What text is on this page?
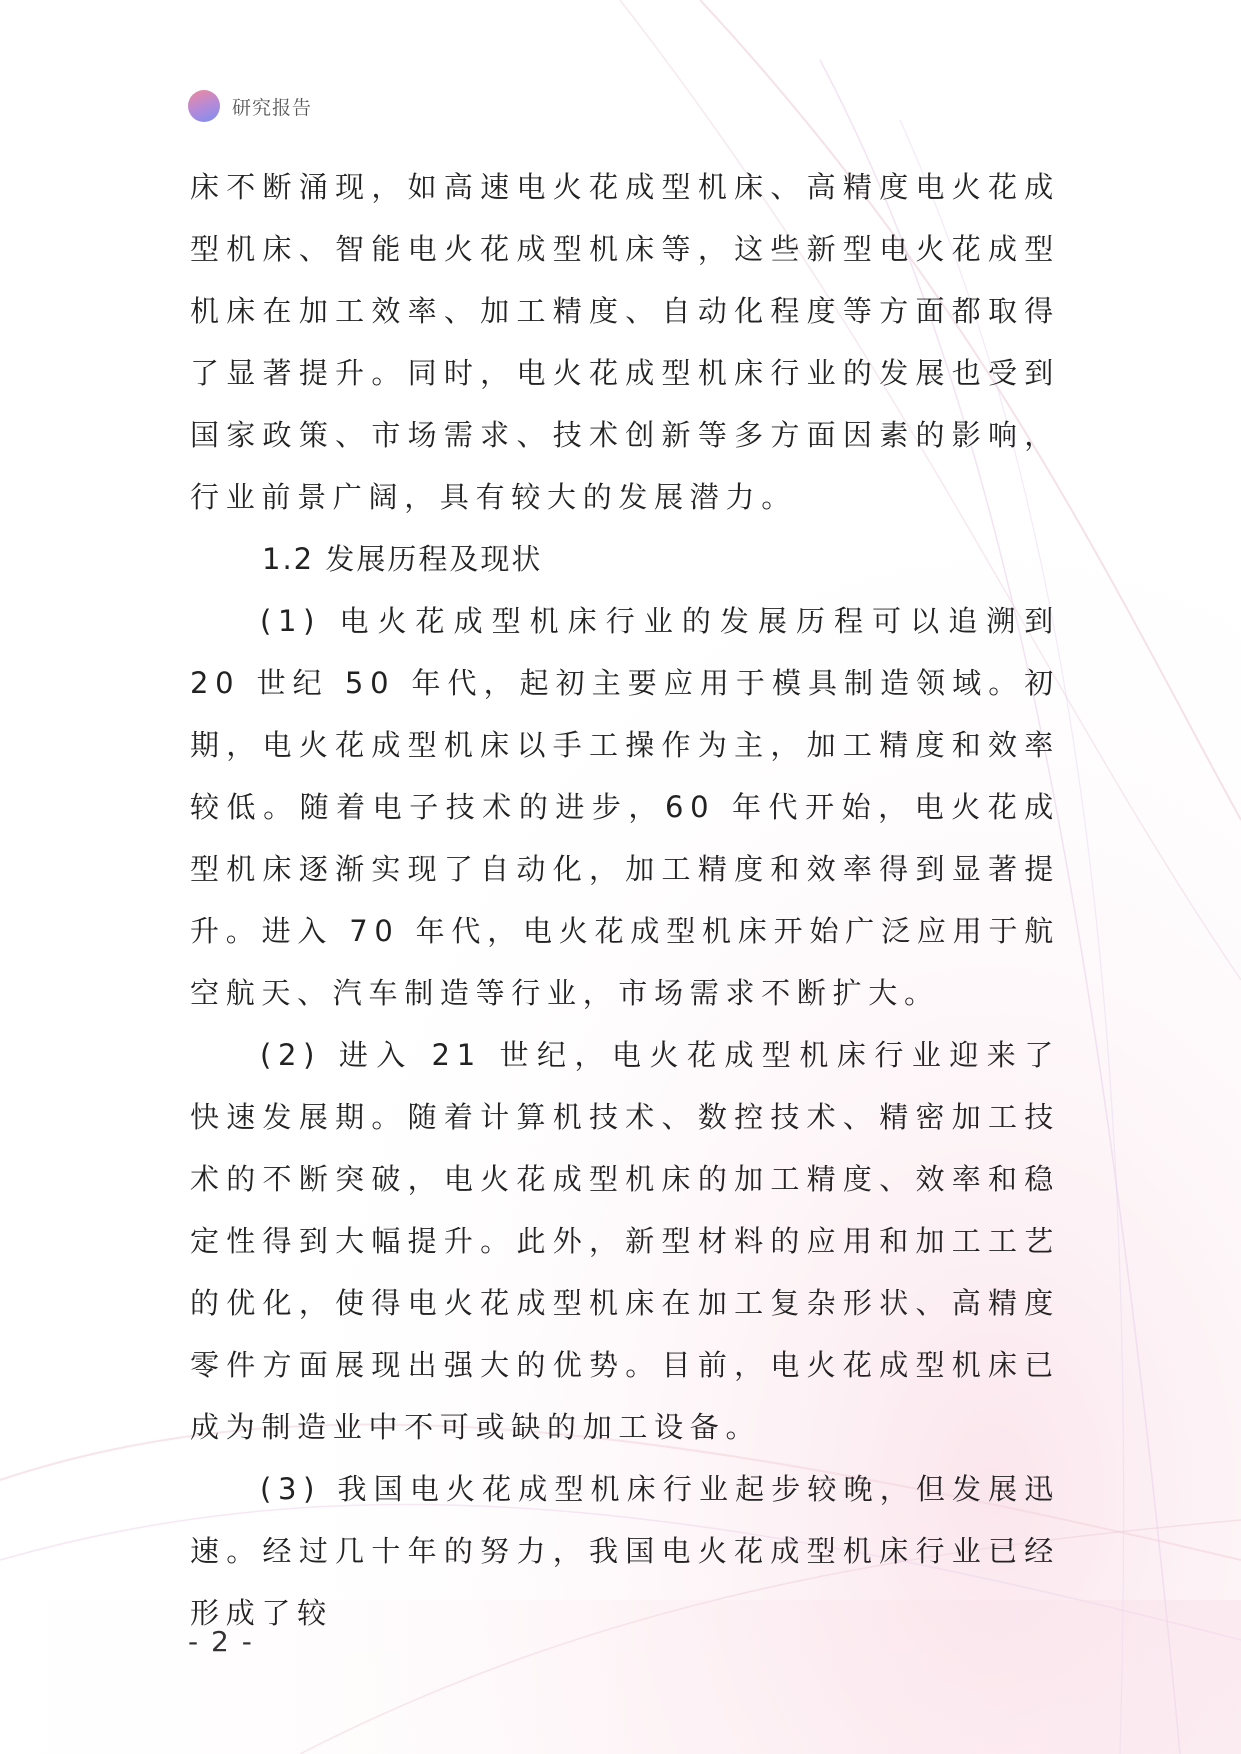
研究报告

床不断涌现，如高速电火花成型机床、高精度电火花成型机床、智能电火花成型机床等，这些新型电火花成型机床在加工效率、加工精度、自动化程度等方面都取得了显著提升。同时，电火花成型机床行业的发展也受到国家政策、市场需求、技术创新等多方面因素的影响，行业前景广阔，具有较大的发展潜力。

1.2 发展历程及现状

(1) 电火花成型机床行业的发展历程可以追溯到 20 世纪 50 年代，起初主要应用于模具制造领域。初期，电火花成型机床以手工操作为主，加工精度和效率较低。随着电子技术的进步，60 年代开始，电火花成型机床逐渐实现了自动化，加工精度和效率得到显著提升。进入 70 年代，电火花成型机床开始广泛应用于航空航天、汽车制造等行业，市场需求不断扩大。

(2) 进入 21 世纪，电火花成型机床行业迎来了快速发展期。随着计算机技术、数控技术、精密加工技术的不断突破，电火花成型机床的加工精度、效率和稳定性得到大幅提升。此外，新型材料的应用和加工工艺的优化，使得电火花成型机床在加工复杂形状、高精度零件方面展现出强大的优势。目前，电火花成型机床已成为制造业中不可或缺的加工设备。

(3) 我国电火花成型机床行业起步较晚，但发展迅速。经过几十年的努力，我国电火花成型机床行业已经形成了较

- 2 -
